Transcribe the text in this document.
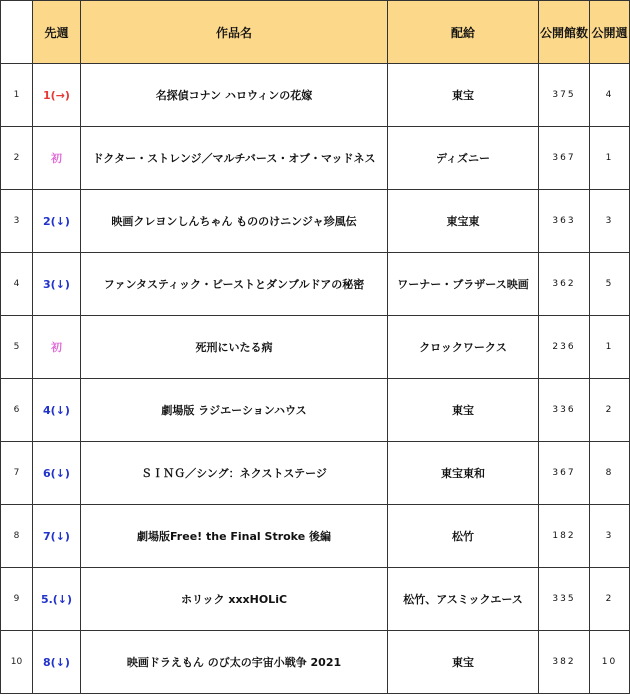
	先週	作品名	配給	公開館数	公開週
1	1(→)	名探偵コナン ハロウィンの花嫁	東宝	375	4
2	初	ドクター・ストレンジ／マルチバース・オブ・マッドネス	ディズニー	367	1
3	2(↓)	映画クレヨンしんちゃん もののけニンジャ珍風伝	東宝東	363	3
4	3(↓)	ファンタスティック・ビーストとダンブルドアの秘密	ワーナー・ブラザース映画	362	5
5	初	死刑にいたる病	クロックワークス	236	1
6	4(↓)	劇場版 ラジエーションハウス	東宝	336	2
7	6(↓)	ＳＩＮＧ／シング：ネクストステージ	東宝東和	367	8
8	7(↓)	劇場版Free! the Final Stroke 後編	松竹	182	3
9	5.(↓)	ホリック xxxHOLiC	松竹、アスミックエース	335	2
10	8(↓)	映画ドラえもん のび太の宇宙小戦争 2021	東宝	382	10
